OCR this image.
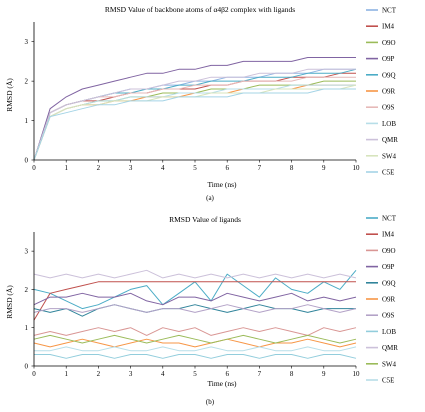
RMSD Value of backbone atoms of α4β2 complex with ligands
RMSD (Å)
Time (ns)
(a)
0	1	2	3	4	5	6	7	8	9	10
0
1
2
3
NCT
IM4
O9O
O9P
O9Q
O9R
O9S
LOB
QMR
SW4
C5E
RMSD Value of ligands
RMSD (Å)
Time (ns)
(b)
0	1	2	3	4	5	6	7	8	9	10
0
1
2
3
NCT
IM4
O9O
O9P
O9Q
O9R
O9S
LOB
QMR
SW4
C5E
